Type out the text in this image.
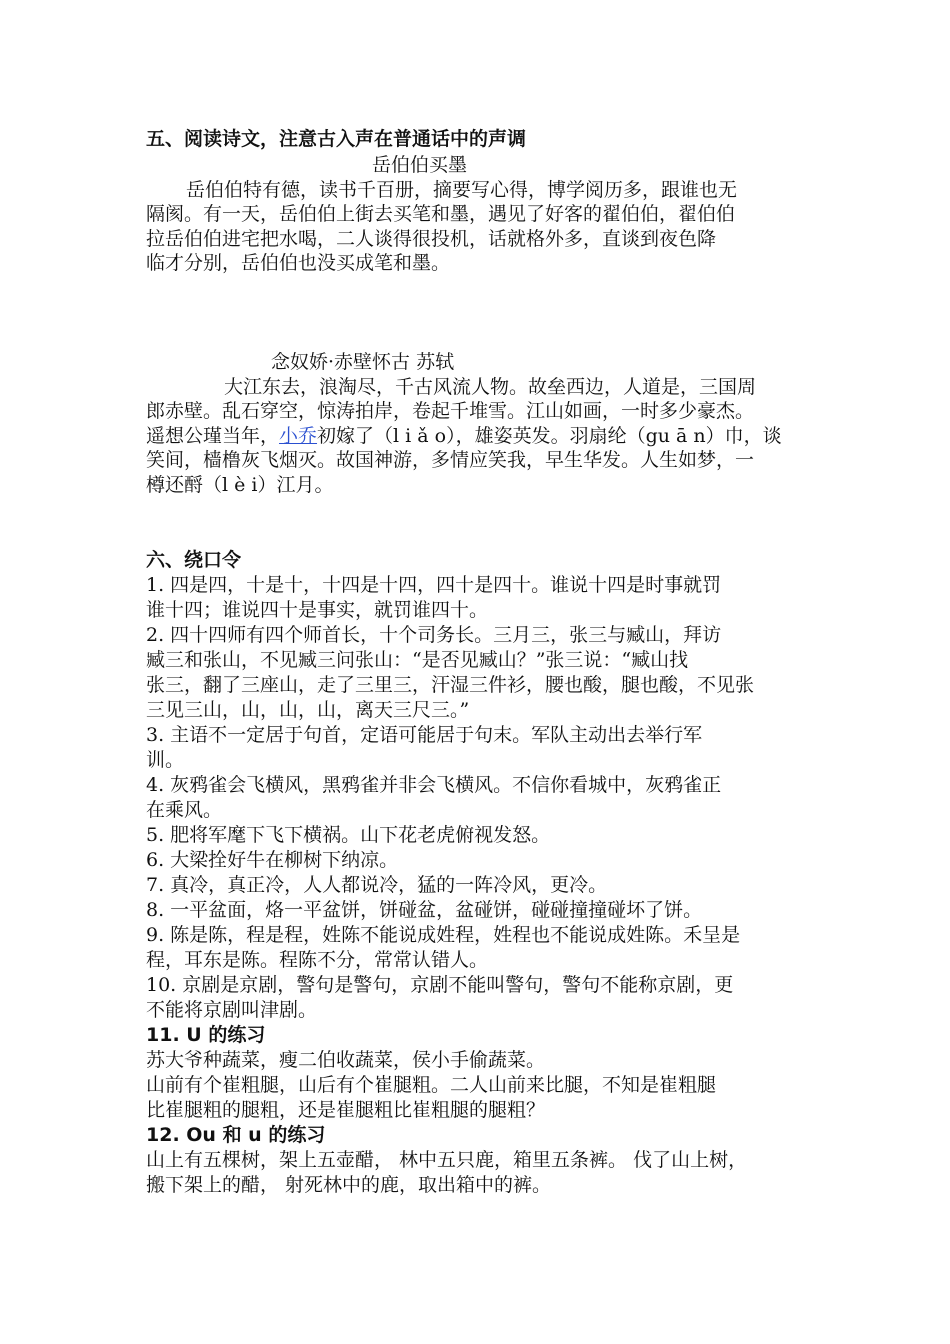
五、阅读诗文，注意古入声在普通话中的声调
岳伯伯买墨
岳伯伯特有德，读书千百册，摘要写心得，博学阅历多，跟谁也无
隔阂。有一天，岳伯伯上街去买笔和墨，遇见了好客的翟伯伯，翟伯伯
拉岳伯伯进宅把水喝，二人谈得很投机，话就格外多，直谈到夜色降
临才分别，岳伯伯也没买成笔和墨。
念奴娇·赤壁怀古 苏轼
大江东去，浪淘尽，千古风流人物。故垒西边，人道是，三国周
郎赤壁。乱石穿空，惊涛拍岸，卷起千堆雪。江山如画，一时多少豪杰。
遥想公瑾当年，小乔初嫁了（l i ǎ o），雄姿英发。羽扇纶（gu ā n）巾，谈
笑间，樯橹灰飞烟灭。故国神游，多情应笑我，早生华发。人生如梦，一
樽还酹（l è i）江月。
六、绕口令
1. 四是四，十是十，十四是十四，四十是四十。谁说十四是时事就罚
谁十四；谁说四十是事实，就罚谁四十。
2. 四十四师有四个师首长，十个司务长。三月三，张三与臧山，拜访
臧三和张山，不见臧三问张山：“是否见臧山？”张三说：“臧山找
张三，翻了三座山，走了三里三，汗湿三件衫，腰也酸，腿也酸，不见张
三见三山，山，山，山，离天三尺三。”
3. 主语不一定居于句首，定语可能居于句末。军队主动出去举行军
训。
4. 灰鸦雀会飞横风，黑鸦雀并非会飞横风。不信你看城中，灰鸦雀正
在乘风。
5. 肥将军麾下飞下横祸。山下花老虎俯视发怒。
6. 大梁拴好牛在柳树下纳凉。
7. 真冷，真正冷，人人都说冷，猛的一阵冷风，更冷。
8. 一平盆面，烙一平盆饼，饼碰盆，盆碰饼，碰碰撞撞碰坏了饼。
9. 陈是陈，程是程，姓陈不能说成姓程，姓程也不能说成姓陈。禾呈是
程，耳东是陈。程陈不分，常常认错人。
10. 京剧是京剧，警句是警句，京剧不能叫警句，警句不能称京剧，更
不能将京剧叫津剧。
11. U 的练习
苏大爷种蔬菜，瘦二伯收蔬菜，侯小手偷蔬菜。
山前有个崔粗腿，山后有个崔腿粗。二人山前来比腿，不知是崔粗腿
比崔腿粗的腿粗，还是崔腿粗比崔粗腿的腿粗？
12. Ou 和 u 的练习
山上有五棵树，架上五壶醋， 林中五只鹿，箱里五条裤。 伐了山上树，
搬下架上的醋， 射死林中的鹿，取出箱中的裤。
